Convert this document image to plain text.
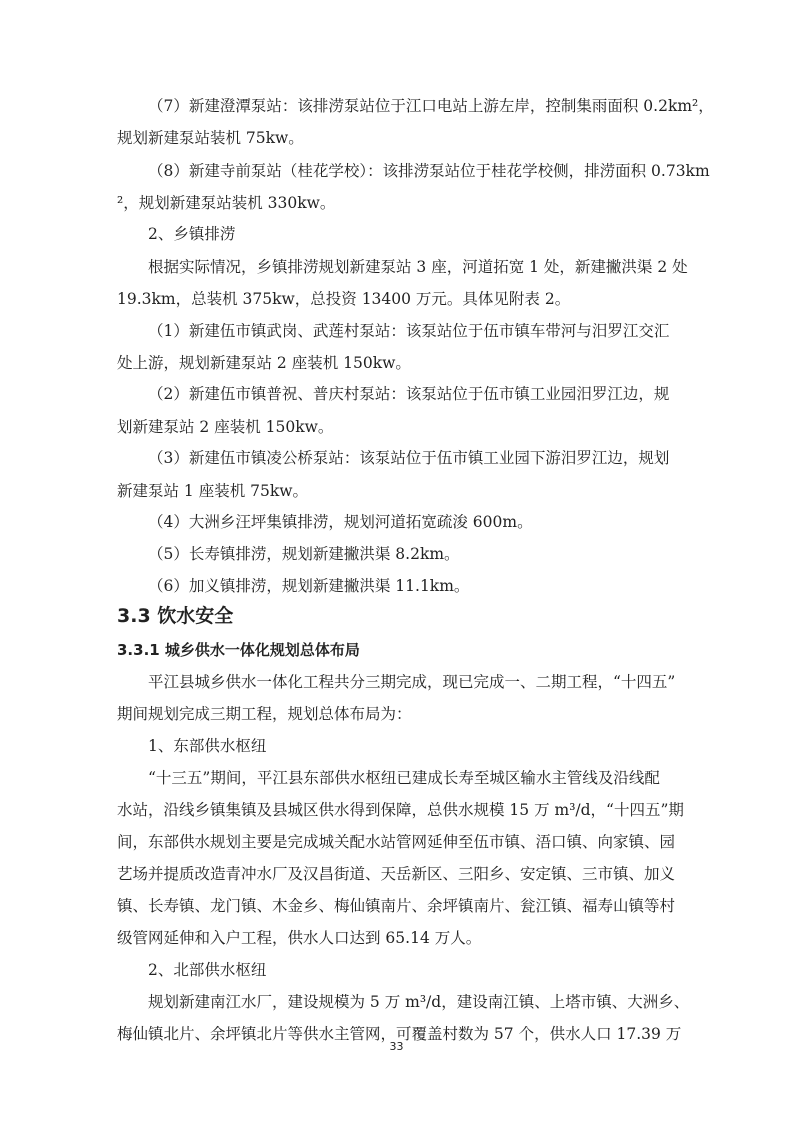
（7）新建澄潭泵站：该排涝泵站位于江口电站上游左岸，控制集雨面积 0.2km²，
规划新建泵站装机 75kw。
（8）新建寺前泵站（桂花学校）：该排涝泵站位于桂花学校侧，排涝面积 0.73km
²，规划新建泵站装机 330kw。
2、乡镇排涝
根据实际情况，乡镇排涝规划新建泵站 3 座，河道拓宽 1 处，新建撇洪渠 2 处
19.3km，总装机 375kw，总投资 13400 万元。具体见附表 2。
（1）新建伍市镇武岗、武莲村泵站：该泵站位于伍市镇车带河与汨罗江交汇
处上游，规划新建泵站 2 座装机 150kw。
（2）新建伍市镇普祝、普庆村泵站：该泵站位于伍市镇工业园汨罗江边，规
划新建泵站 2 座装机 150kw。
（3）新建伍市镇凌公桥泵站：该泵站位于伍市镇工业园下游汨罗江边，规划
新建泵站 1 座装机 75kw。
（4）大洲乡汪坪集镇排涝，规划河道拓宽疏浚 600m。
（5）长寿镇排涝，规划新建撇洪渠 8.2km。
（6）加义镇排涝，规划新建撇洪渠 11.1km。
3.3 饮水安全
3.3.1 城乡供水一体化规划总体布局
平江县城乡供水一体化工程共分三期完成，现已完成一、二期工程，“十四五”
期间规划完成三期工程，规划总体布局为：
1、东部供水枢纽
“十三五”期间，平江县东部供水枢纽已建成长寿至城区输水主管线及沿线配
水站，沿线乡镇集镇及县城区供水得到保障，总供水规模 15 万 m³/d，“十四五”期
间，东部供水规划主要是完成城关配水站管网延伸至伍市镇、浯口镇、向家镇、园
艺场并提质改造青冲水厂及汉昌街道、天岳新区、三阳乡、安定镇、三市镇、加义
镇、长寿镇、龙门镇、木金乡、梅仙镇南片、余坪镇南片、瓮江镇、福寿山镇等村
级管网延伸和入户工程，供水人口达到 65.14 万人。
2、北部供水枢纽
规划新建南江水厂，建设规模为 5 万 m³/d，建设南江镇、上塔市镇、大洲乡、
梅仙镇北片、余坪镇北片等供水主管网，可覆盖村数为 57 个，供水人口 17.39 万
33
